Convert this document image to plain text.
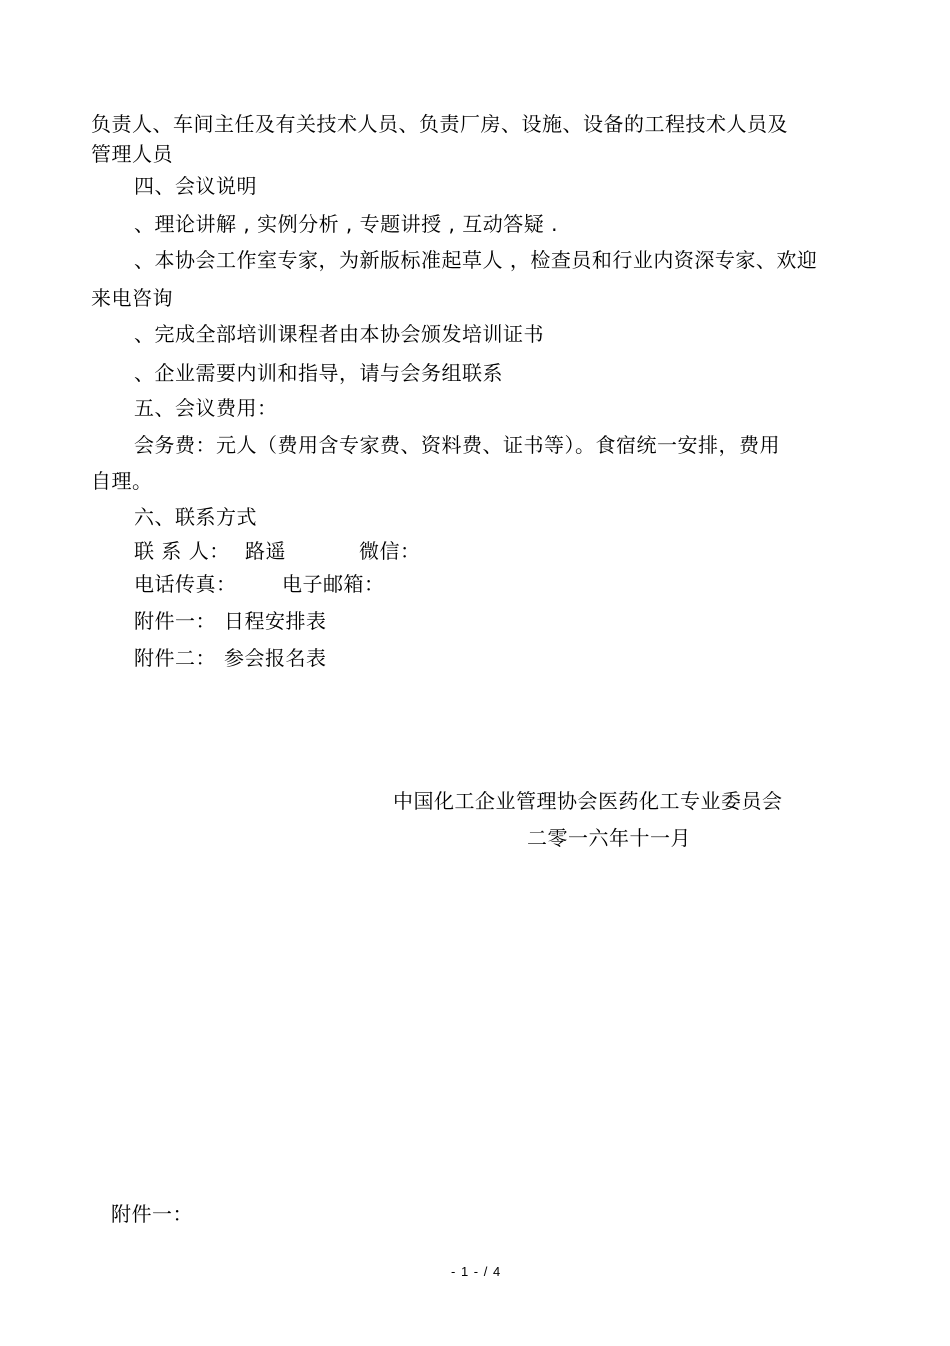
负责人、车间主任及有关技术人员、负责厂房、设施、设备的工程技术人员及
管理人员
四、会议说明
、理论讲解 , 实例分析 , 专题讲授 , 互动答疑 .
、本协会工作室专家，为新版标准起草人 ，检查员和行业内资深专家、欢迎
来电咨询
、完成全部培训课程者由本协会颁发培训证书
、企业需要内训和指导，请与会务组联系
五、会议费用：
会务费：元人（费用含专家费、资料费、证书等）。食宿统一安排，费用
自理。
六、联系方式
联 系 人： 路遥	微信：
电话传真： 电子邮箱：
附件一： 日程安排表
附件二： 参会报名表
中国化工企业管理协会医药化工专业委员会
二零一六年十一月
附件一：
- 1 - / 4
